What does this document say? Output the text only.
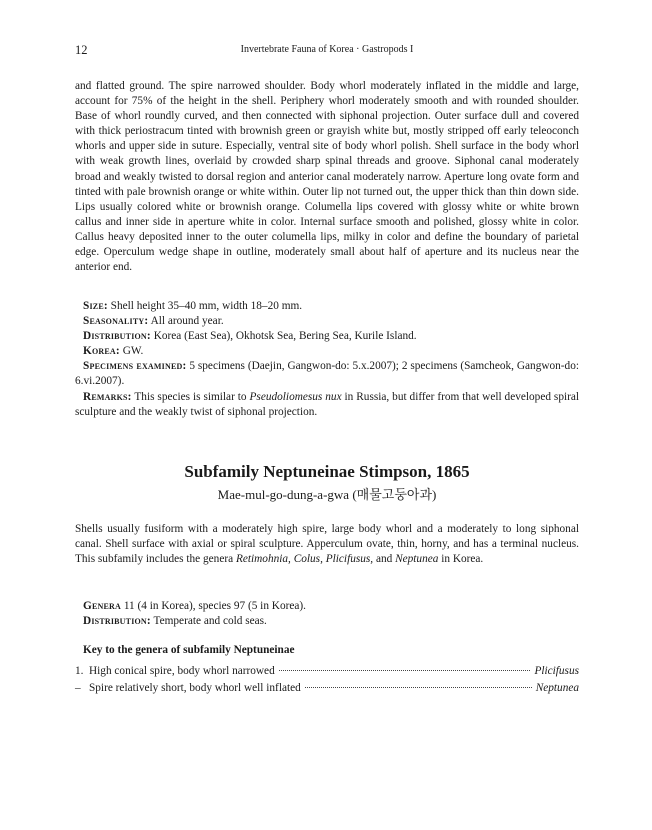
12	Invertebrate Fauna of Korea · Gastropods I

and flatted ground. The spire narrowed shoulder. Body whorl moderately inflated in the middle and large, account for 75% of the height in the shell. Periphery whorl moderately smooth and with rounded shoulder. Base of whorl roundly curved, and then connected with siphonal projection. Outer surface dull and covered with thick periostracum tinted with brownish green or grayish white but, mostly stripped off early teleoconch whorls and upper side in suture. Especially, ventral site of body whorl polish. Shell surface in the body whorl with weak growth lines, overlaid by crowded sharp spinal threads and groove. Siphonal canal moderately broad and weakly twisted to dorsal region and anterior canal moderately narrow. Aperture long ovate form and tinted with pale brownish orange or white within. Outer lip not turned out, the upper thick than thin down side. Lips usually colored white or brownish orange. Columella lips covered with glossy white or white brown callus and inner side in aperture white in color. Internal surface smooth and polished, glossy white in color. Callus heavy deposited inner to the outer columella lips, milky in color and define the boundary of parietal edge. Operculum wedge shape in outline, moderately small about half of aperture and its nucleus near the anterior end.

Size: Shell height 35–40 mm, width 18–20 mm.
Seasonality: All around year.
Distribution: Korea (East Sea), Okhotsk Sea, Bering Sea, Kurile Island.
Korea: GW.
Specimens examined: 5 specimens (Daejin, Gangwon-do: 5.x.2007); 2 specimens (Samcheok, Gangwon-do: 6.vi.2007).
Remarks: This species is similar to Pseudoliomesus nux in Russia, but differ from that well developed spiral sculpture and the weakly twist of siphonal projection.
Subfamily Neptuneinae Stimpson, 1865

Mae-mul-go-dung-a-gwa (매물고둥아과)

Shells usually fusiform with a moderately high spire, large body whorl and a moderately to long siphonal canal. Shell surface with axial or spiral sculpture. Apperculum ovate, thin, horny, and has a terminal nucleus. This subfamily includes the genera Retimohnia, Colus, Plicifusus, and Neptunea in Korea.

Genera 11 (4 in Korea), species 97 (5 in Korea).
Distribution: Temperate and cold seas.

Key to the genera of subfamily Neptuneinae

1. High conical spire, body whorl narrowed	Plicifusus
– Spire relatively short, body whorl well inflated	Neptunea
